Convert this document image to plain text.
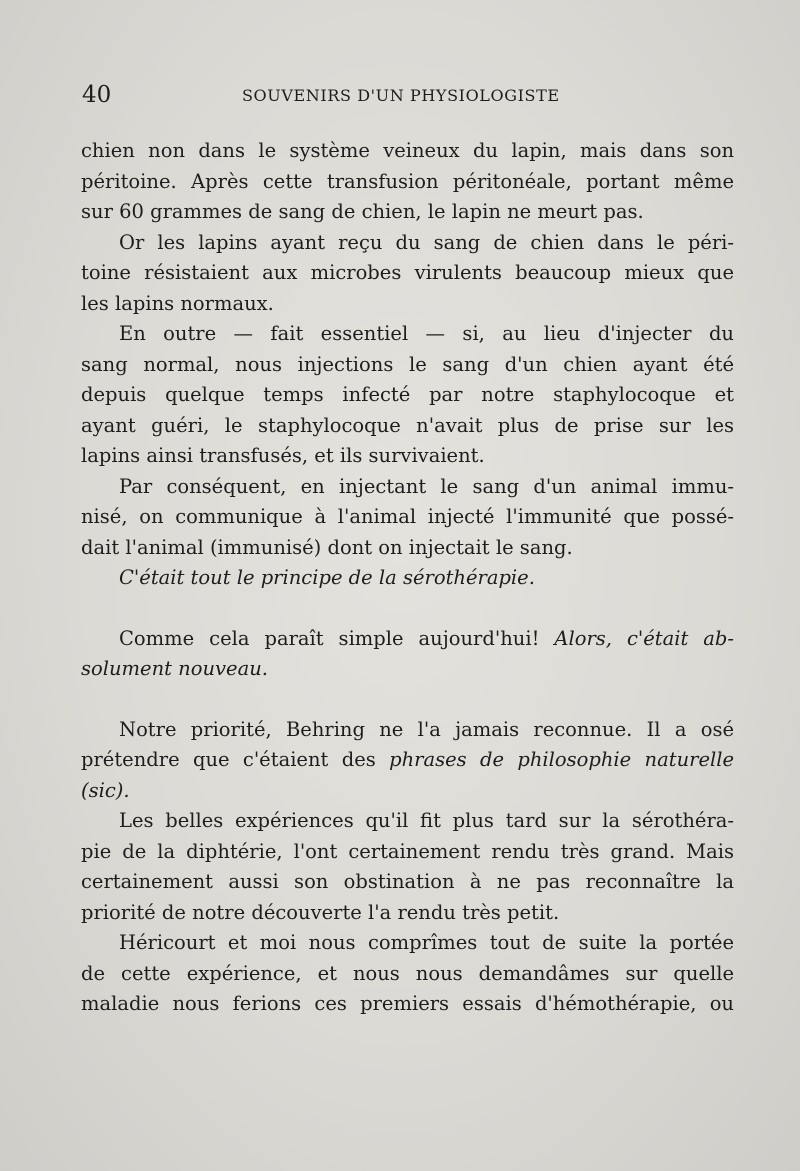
40	SOUVENIRS D'UN PHYSIOLOGISTE
chien non dans le système veineux du lapin, mais dans son
péritoine. Après cette transfusion péritonéale, portant même
sur 60 grammes de sang de chien, le lapin ne meurt pas.
Or les lapins ayant reçu du sang de chien dans le péri-
toine résistaient aux microbes virulents beaucoup mieux que
les lapins normaux.
En outre — fait essentiel — si, au lieu d'injecter du
sang normal, nous injections le sang d'un chien ayant été
depuis quelque temps infecté par notre staphylocoque et
ayant guéri, le staphylocoque n'avait plus de prise sur les
lapins ainsi transfusés, et ils survivaient.
Par conséquent, en injectant le sang d'un animal immu-
nisé, on communique à l'animal injecté l'immunité que possé-
dait l'animal (immunisé) dont on injectait le sang.
C'était tout le principe de la sérothérapie.
Comme cela paraît simple aujourd'hui! Alors, c'était ab-
solument nouveau.
Notre priorité, Behring ne l'a jamais reconnue. Il a osé
prétendre que c'étaient des phrases de philosophie naturelle
(sic).
Les belles expériences qu'il fit plus tard sur la sérothéra-
pie de la diphtérie, l'ont certainement rendu très grand. Mais
certainement aussi son obstination à ne pas reconnaître la
priorité de notre découverte l'a rendu très petit.
Héricourt et moi nous comprîmes tout de suite la portée
de cette expérience, et nous nous demandâmes sur quelle
maladie nous ferions ces premiers essais d'hémothérapie, ou
